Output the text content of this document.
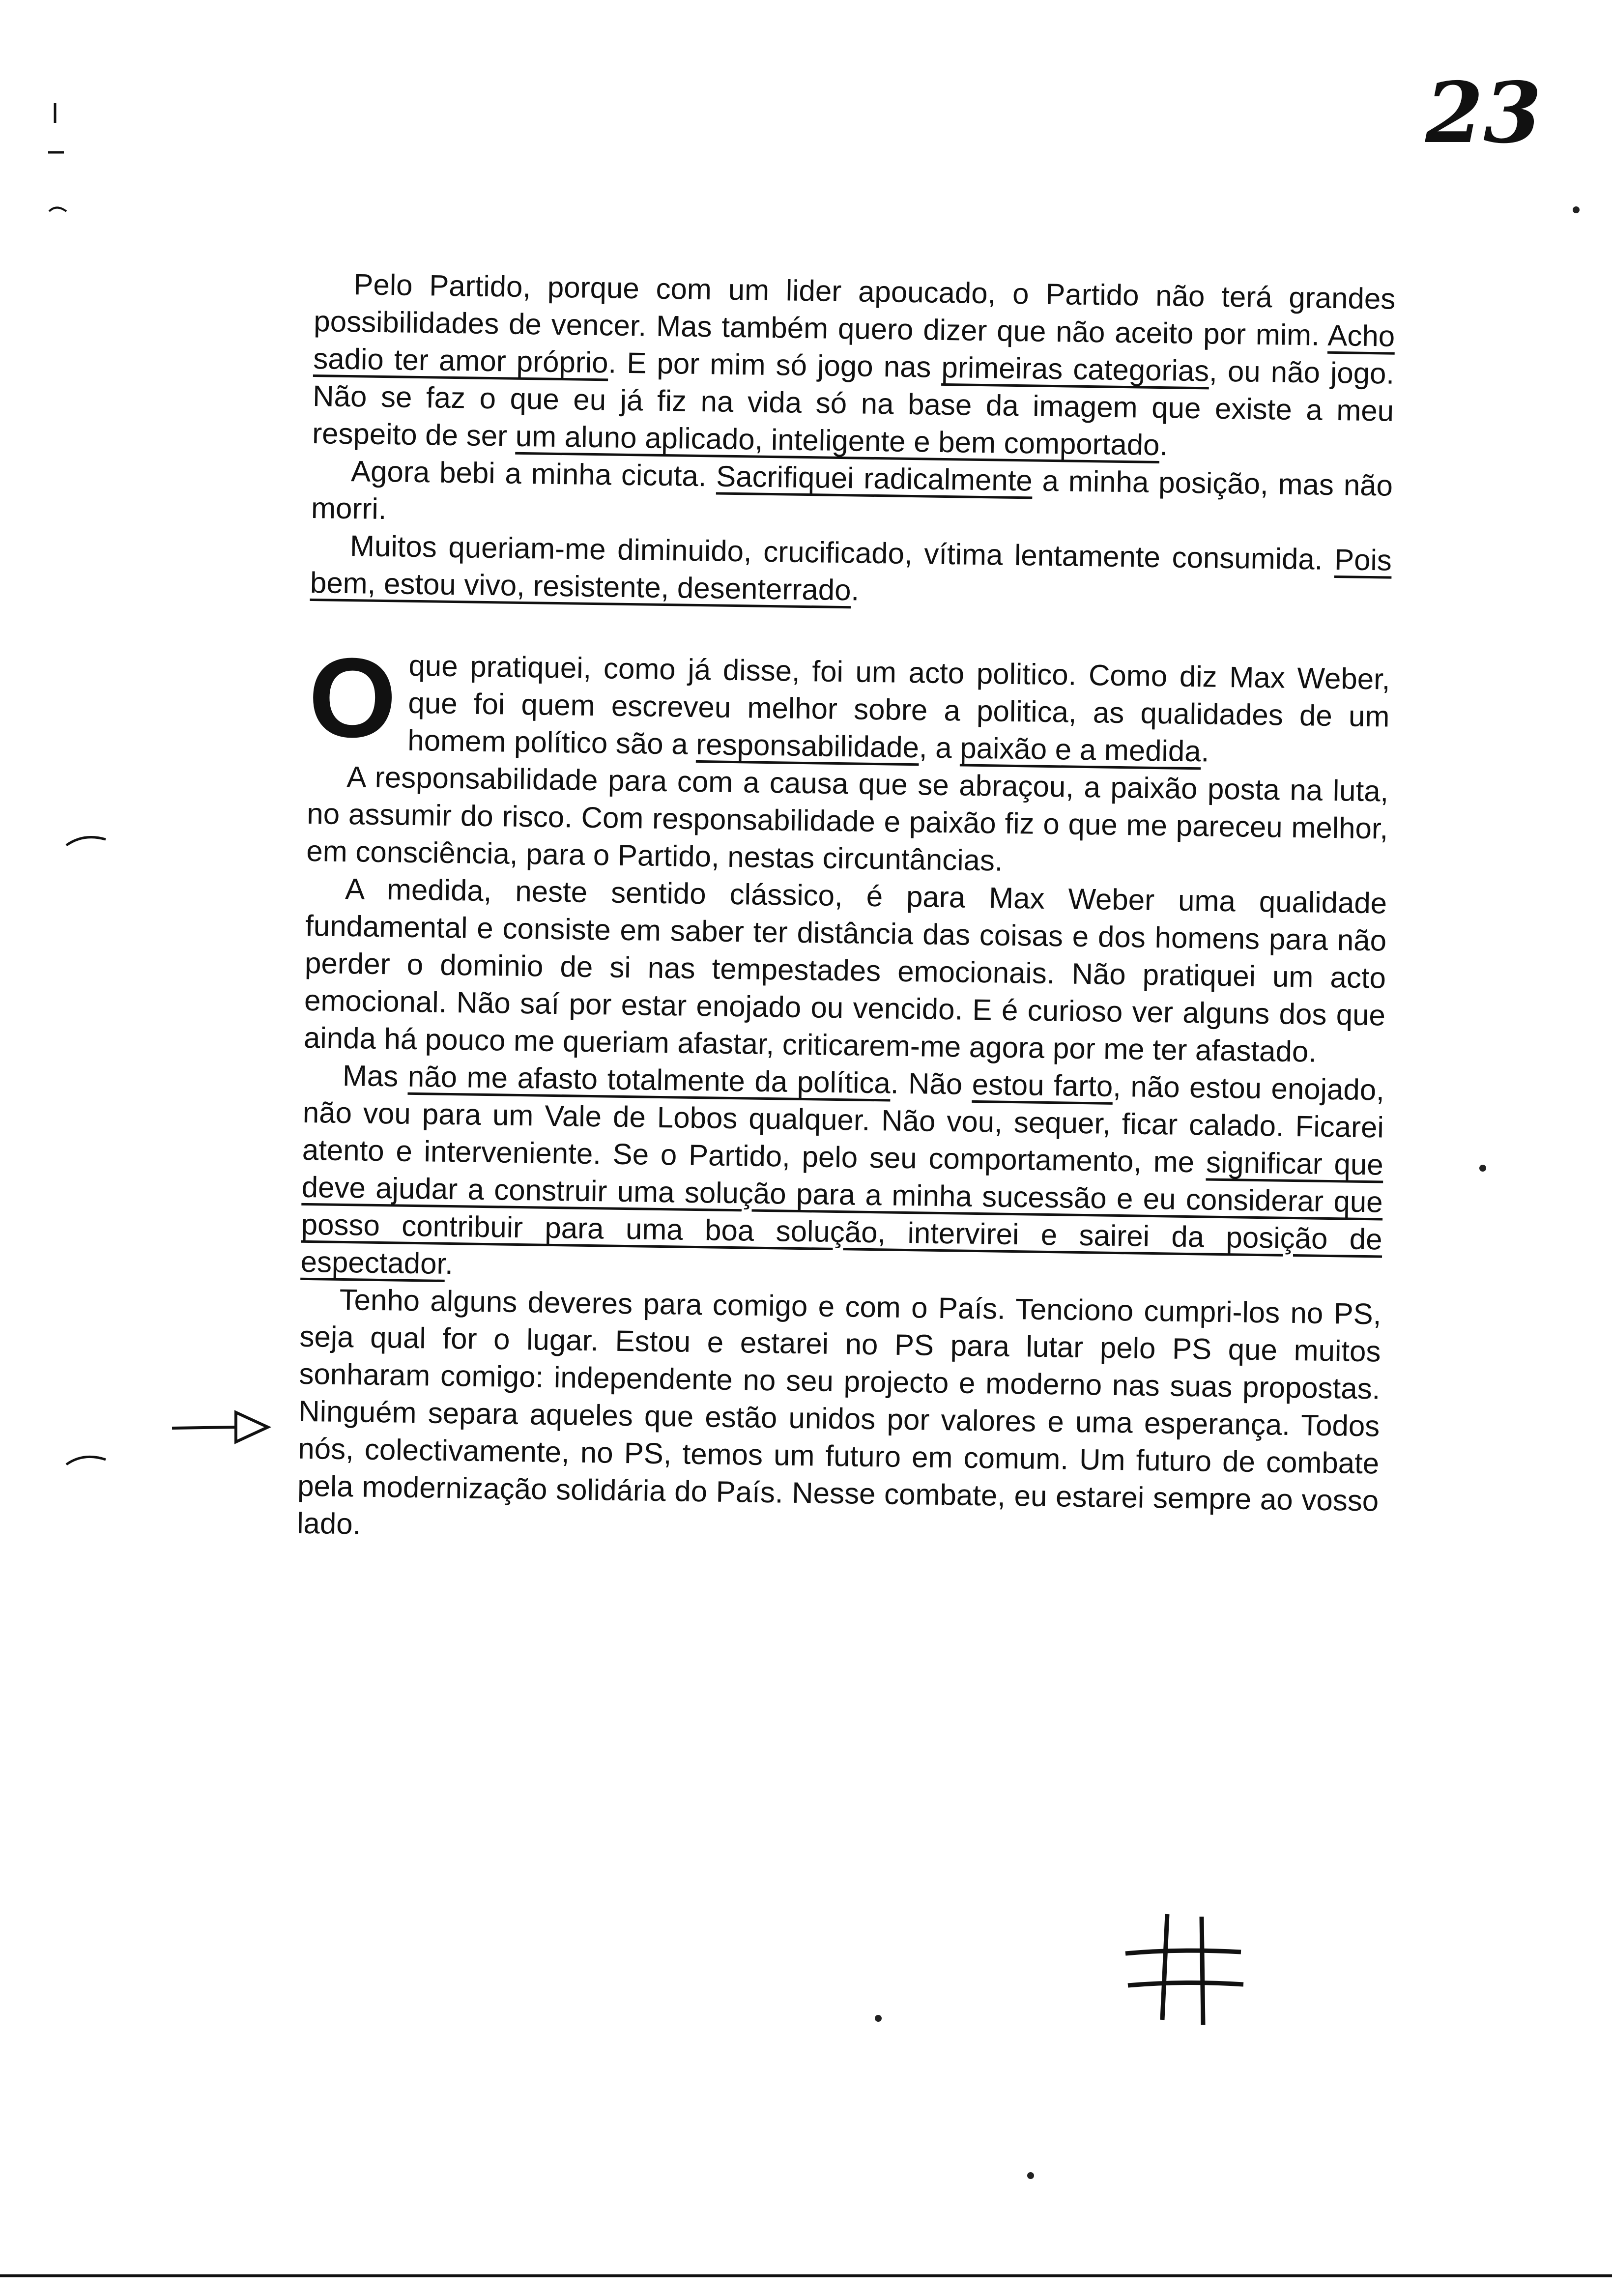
23

Pelo Partido, porque com um lider apoucado, o Partido não terá grandes possibilidades de vencer. Mas também quero dizer que não aceito por mim. Acho sadio ter amor próprio. E por mim só jogo nas primeiras categorias, ou não jogo. Não se faz o que eu já fiz na vida só na base da imagem que existe a meu respeito de ser um aluno aplicado, inteligente e bem comportado.

Agora bebi a minha cicuta. Sacrifiquei radicalmente a minha posição, mas não morri.

Muitos queriam-me diminuido, crucificado, vítima lentamente consumida. Pois bem, estou vivo, resistente, desenterrado.

O que pratiquei, como já disse, foi um acto politico. Como diz Max Weber, que foi quem escreveu melhor sobre a politica, as qualidades de um homem político são a responsabilidade, a paixão e a medida.

A responsabilidade para com a causa que se abraçou, a paixão posta na luta, no assumir do risco. Com responsabilidade e paixão fiz o que me pareceu melhor, em consciência, para o Partido, nestas circuntâncias.

A medida, neste sentido clássico, é para Max Weber uma qualidade fundamental e consiste em saber ter distância das coisas e dos homens para não perder o dominio de si nas tempestades emocionais. Não pratiquei um acto emocional. Não saí por estar enojado ou vencido. E é curioso ver alguns dos que ainda há pouco me queriam afastar, criticarem-me agora por me ter afastado.

Mas não me afasto totalmente da política. Não estou farto, não estou enojado, não vou para um Vale de Lobos qualquer. Não vou, sequer, ficar calado. Ficarei atento e interveniente. Se o Partido, pelo seu comportamento, me significar que deve ajudar a construir uma solução para a minha sucessão e eu considerar que posso contribuir para uma boa solução, intervirei e sairei da posição de espectador.

Tenho alguns deveres para comigo e com o País. Tenciono cumpri-los no PS, seja qual for o lugar. Estou e estarei no PS para lutar pelo PS que muitos sonharam comigo: independente no seu projecto e moderno nas suas propostas. Ninguém separa aqueles que estão unidos por valores e uma esperança. Todos nós, colectivamente, no PS, temos um futuro em comum. Um futuro de combate pela modernização solidária do País. Nesse combate, eu estarei sempre ao vosso lado.
